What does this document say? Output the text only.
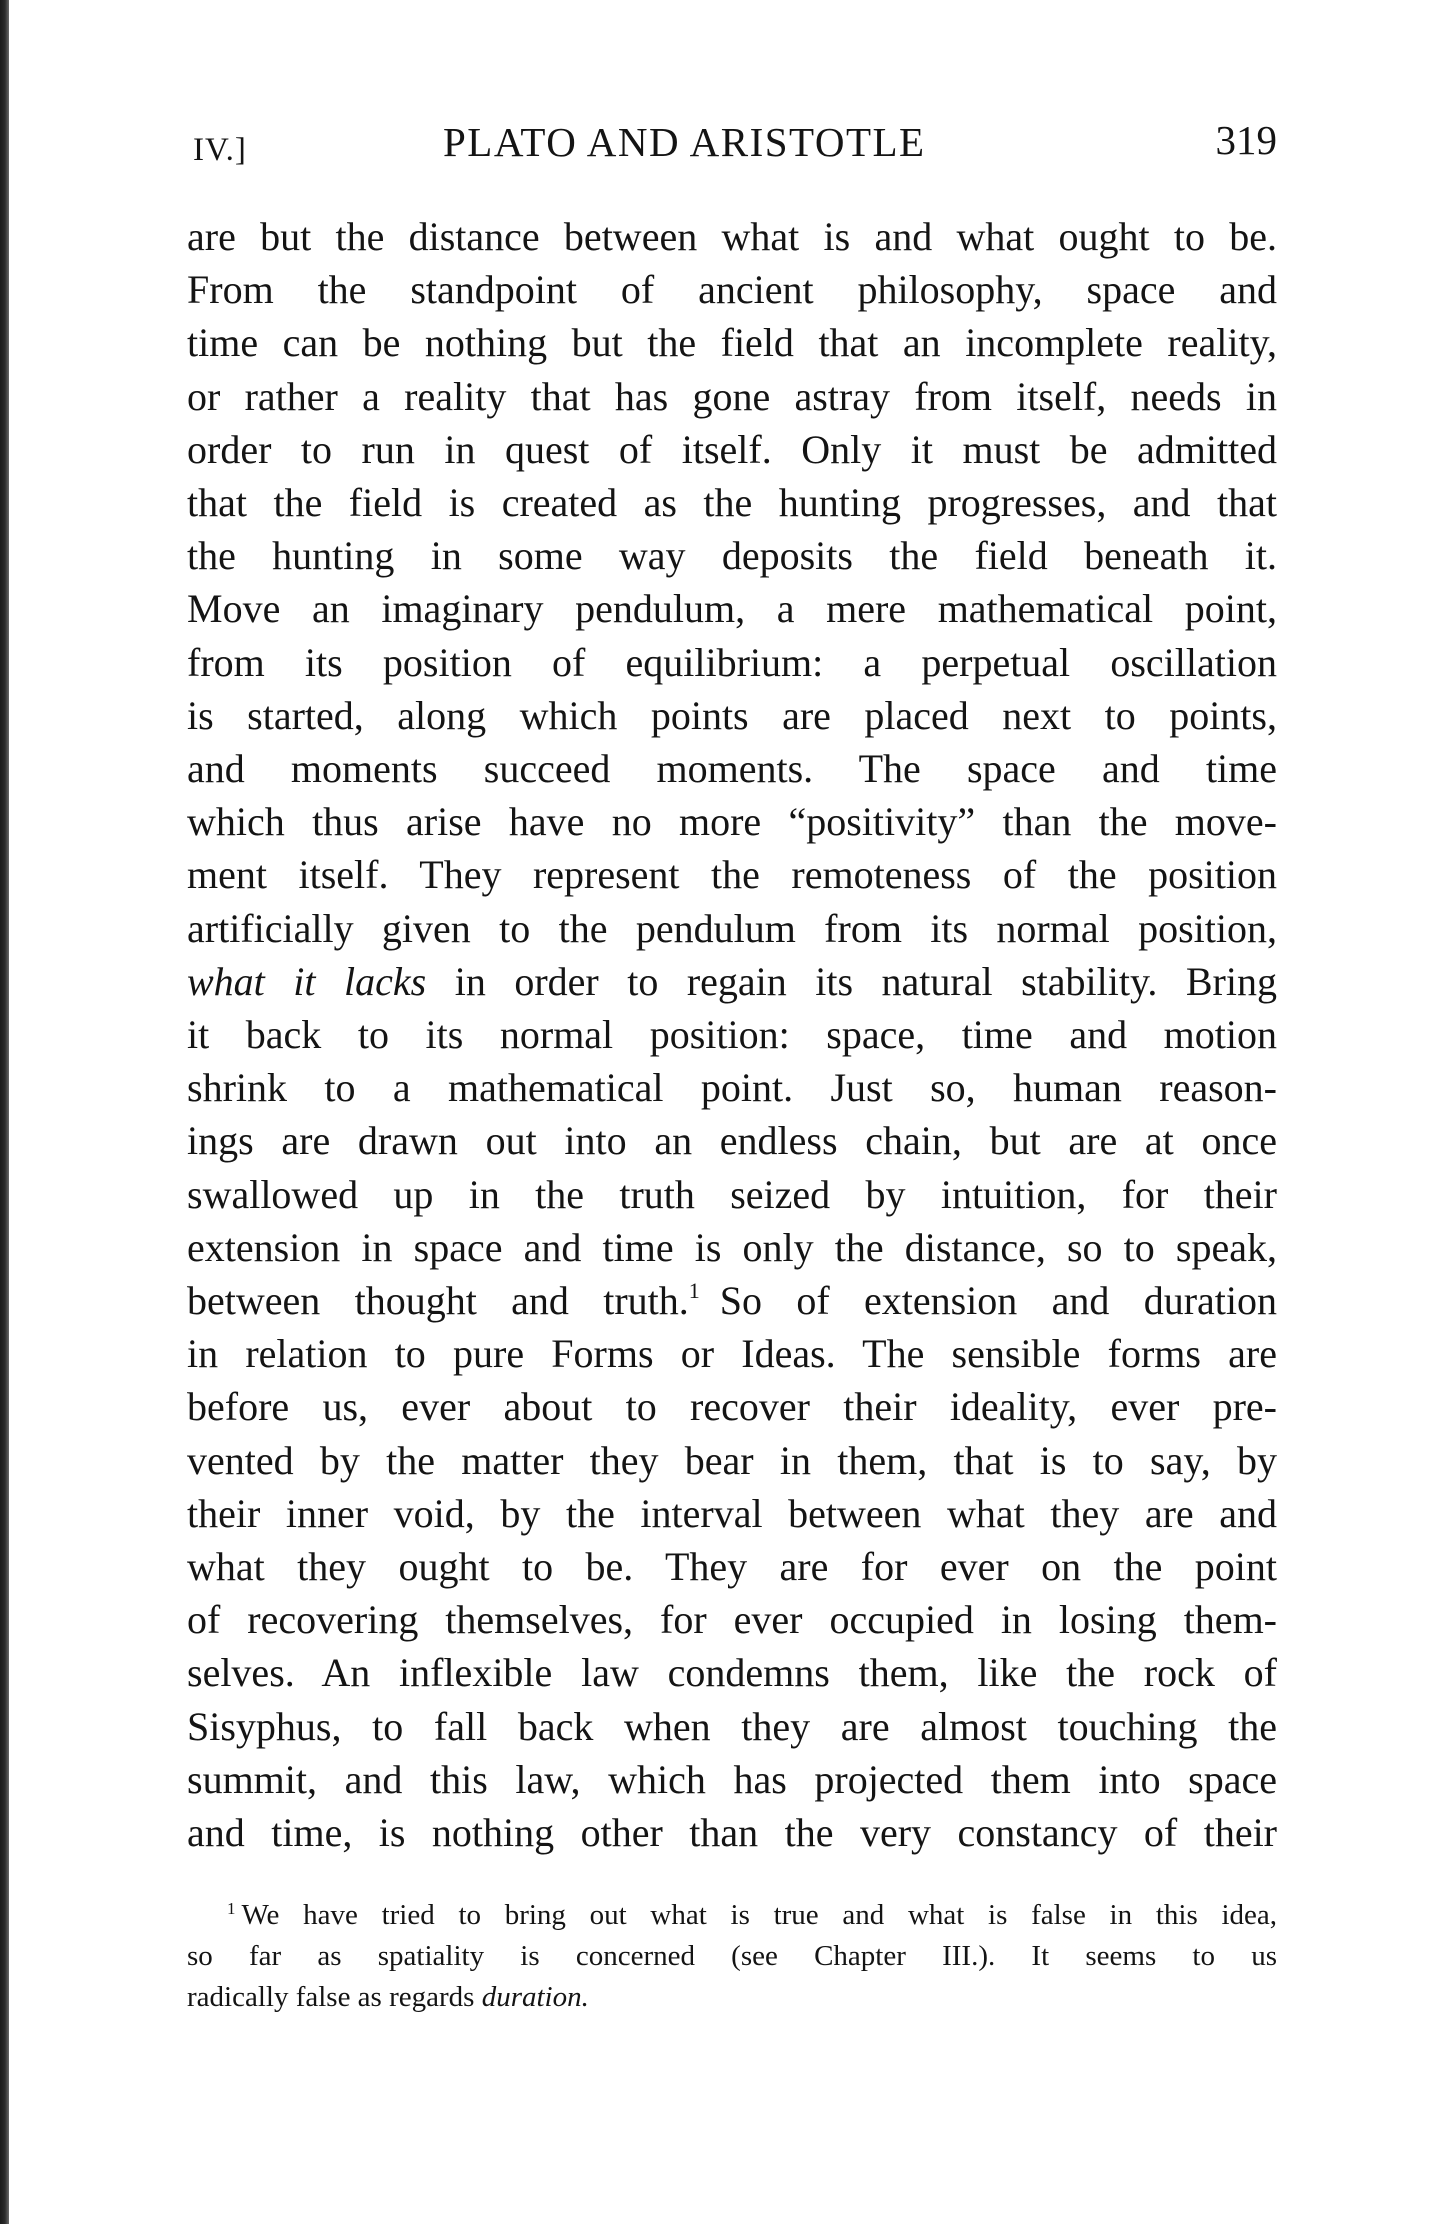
IV.]	PLATO AND ARISTOTLE	319
are but the distance between what is and what ought to be.
From the standpoint of ancient philosophy, space and
time can be nothing but the field that an incomplete reality,
or rather a reality that has gone astray from itself, needs in
order to run in quest of itself. Only it must be admitted
that the field is created as the hunting progresses, and that
the hunting in some way deposits the field beneath it.
Move an imaginary pendulum, a mere mathematical point,
from its position of equilibrium: a perpetual oscillation
is started, along which points are placed next to points,
and moments succeed moments. The space and time
which thus arise have no more “positivity” than the move-
ment itself. They represent the remoteness of the position
artificially given to the pendulum from its normal position,
what it lacks in order to regain its natural stability. Bring
it back to its normal position: space, time and motion
shrink to a mathematical point. Just so, human reason-
ings are drawn out into an endless chain, but are at once
swallowed up in the truth seized by intuition, for their
extension in space and time is only the distance, so to speak,
between thought and truth.$^1$ So of extension and duration
in relation to pure Forms or Ideas. The sensible forms are
before us, ever about to recover their ideality, ever pre-
vented by the matter they bear in them, that is to say, by
their inner void, by the interval between what they are and
what they ought to be. They are for ever on the point
of recovering themselves, for ever occupied in losing them-
selves. An inflexible law condemns them, like the rock of
Sisyphus, to fall back when they are almost touching the
summit, and this law, which has projected them into space
and time, is nothing other than the very constancy of their
$^1$ We have tried to bring out what is true and what is false in this idea,
so far as spatiality is concerned (see Chapter III.). It seems to us
radically false as regards duration.
